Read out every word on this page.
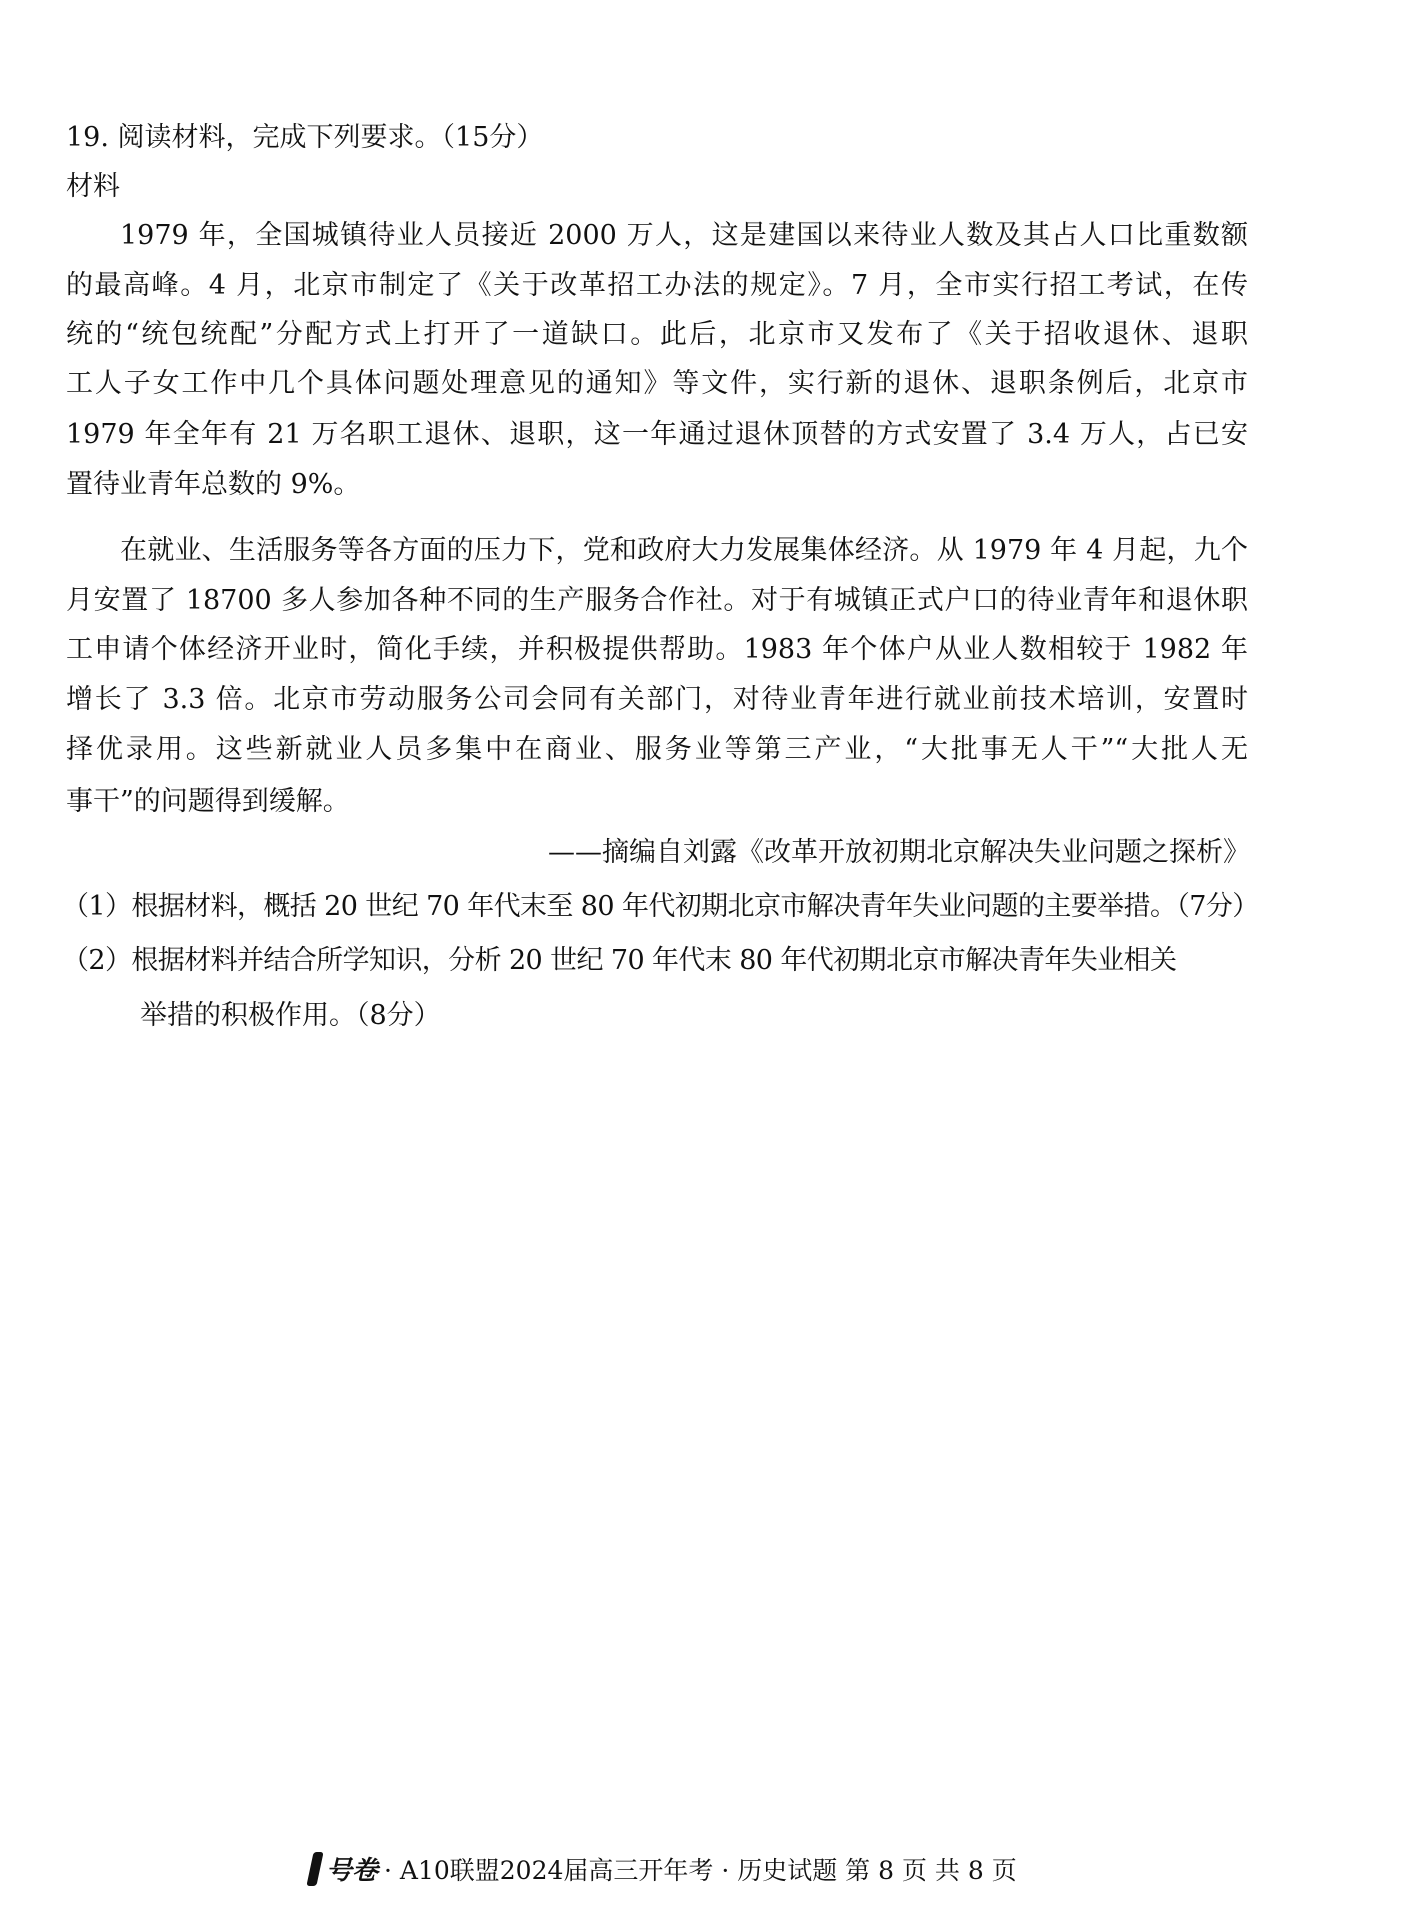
19. 阅读材料，完成下列要求。（15分）
材料
1979 年，全国城镇待业人员接近 2000 万人，这是建国以来待业人数及其占人口比重数额
的最高峰。4 月，北京市制定了《关于改革招工办法的规定》。7 月，全市实行招工考试，在传
统的“统包统配”分配方式上打开了一道缺口。此后，北京市又发布了《关于招收退休、退职
工人子女工作中几个具体问题处理意见的通知》等文件，实行新的退休、退职条例后，北京市
1979 年全年有 21 万名职工退休、退职，这一年通过退休顶替的方式安置了 3.4 万人，占已安
置待业青年总数的 9%。
在就业、生活服务等各方面的压力下，党和政府大力发展集体经济。从 1979 年 4 月起，九个
月安置了 18700 多人参加各种不同的生产服务合作社。对于有城镇正式户口的待业青年和退休职
工申请个体经济开业时，简化手续，并积极提供帮助。1983 年个体户从业人数相较于 1982 年
增长了 3.3 倍。北京市劳动服务公司会同有关部门，对待业青年进行就业前技术培训，安置时
择优录用。这些新就业人员多集中在商业、服务业等第三产业，“大批事无人干”“大批人无
事干”的问题得到缓解。
——摘编自刘露《改革开放初期北京解决失业问题之探析》
（1）根据材料，概括 20 世纪 70 年代末至 80 年代初期北京市解决青年失业问题的主要举措。（7分）
（2）根据材料并结合所学知识，分析 20 世纪 70 年代末 80 年代初期北京市解决青年失业相关
举措的积极作用。（8分）
号卷 · A10联盟2024届高三开年考 · 历史试题 第 8 页 共 8 页
